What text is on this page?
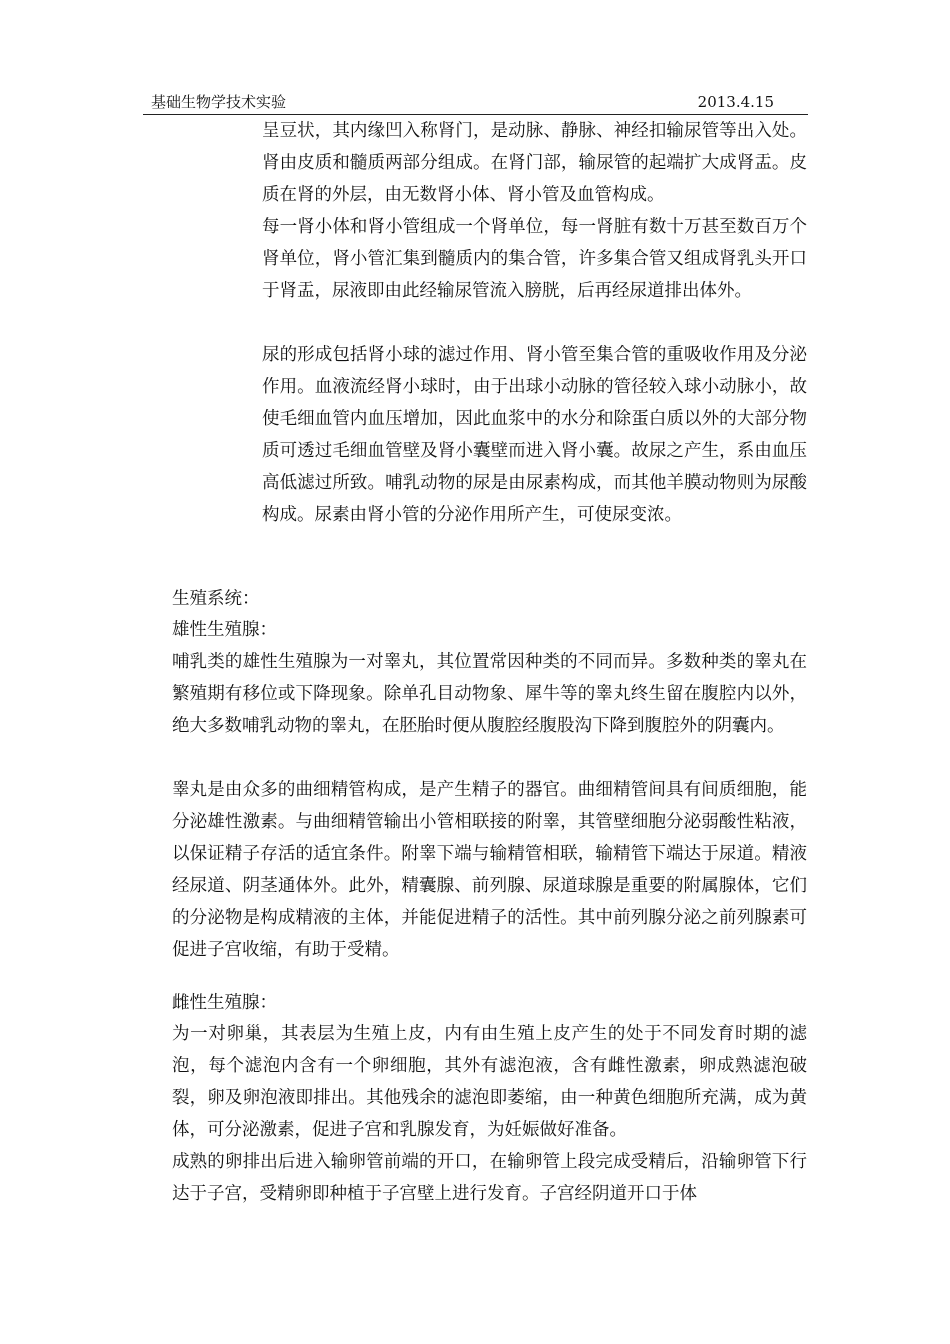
基础生物学技术实验	2013.4.15

呈豆状，其内缘凹入称肾门，是动脉、静脉、神经扣输尿管等出入处。肾由皮质和髓质两部分组成。在肾门部，输尿管的起端扩大成肾盂。皮质在肾的外层，由无数肾小体、肾小管及血管构成。

每一肾小体和肾小管组成一个肾单位，每一肾脏有数十万甚至数百万个肾单位，肾小管汇集到髓质内的集合管，许多集合管又组成肾乳头开口于肾盂，尿液即由此经输尿管流入膀胱，后再经尿道排出体外。

尿的形成包括肾小球的滤过作用、肾小管至集合管的重吸收作用及分泌作用。血液流经肾小球时，由于出球小动脉的管径较入球小动脉小，故使毛细血管内血压增加，因此血浆中的水分和除蛋白质以外的大部分物质可透过毛细血管壁及肾小囊壁而进入肾小囊。故尿之产生，系由血压高低滤过所致。哺乳动物的尿是由尿素构成，而其他羊膜动物则为尿酸构成。尿素由肾小管的分泌作用所产生，可使尿变浓。

生殖系统：

雄性生殖腺：

哺乳类的雄性生殖腺为一对睾丸，其位置常因种类的不同而异。多数种类的睾丸在繁殖期有移位或下降现象。除单孔目动物象、犀牛等的睾丸终生留在腹腔内以外，绝大多数哺乳动物的睾丸，在胚胎时便从腹腔经腹股沟下降到腹腔外的阴囊内。

睾丸是由众多的曲细精管构成，是产生精子的器官。曲细精管间具有间质细胞，能分泌雄性激素。与曲细精管输出小管相联接的附睾，其管壁细胞分泌弱酸性粘液，以保证精子存活的适宜条件。附睾下端与输精管相联，输精管下端达于尿道。精液经尿道、阴茎通体外。此外，精囊腺、前列腺、尿道球腺是重要的附属腺体，它们的分泌物是构成精液的主体，并能促进精子的活性。其中前列腺分泌之前列腺素可促进子宫收缩，有助于受精。

雌性生殖腺：

为一对卵巢，其表层为生殖上皮，内有由生殖上皮产生的处于不同发育时期的滤泡，每个滤泡内含有一个卵细胞，其外有滤泡液，含有雌性激素，卵成熟滤泡破裂，卵及卵泡液即排出。其他残余的滤泡即萎缩，由一种黄色细胞所充满，成为黄体，可分泌激素，促进子宫和乳腺发育，为妊娠做好准备。

成熟的卵排出后进入输卵管前端的开口，在输卵管上段完成受精后，沿输卵管下行达于子宫，受精卵即种植于子宫壁上进行发育。子宫经阴道开口于体
